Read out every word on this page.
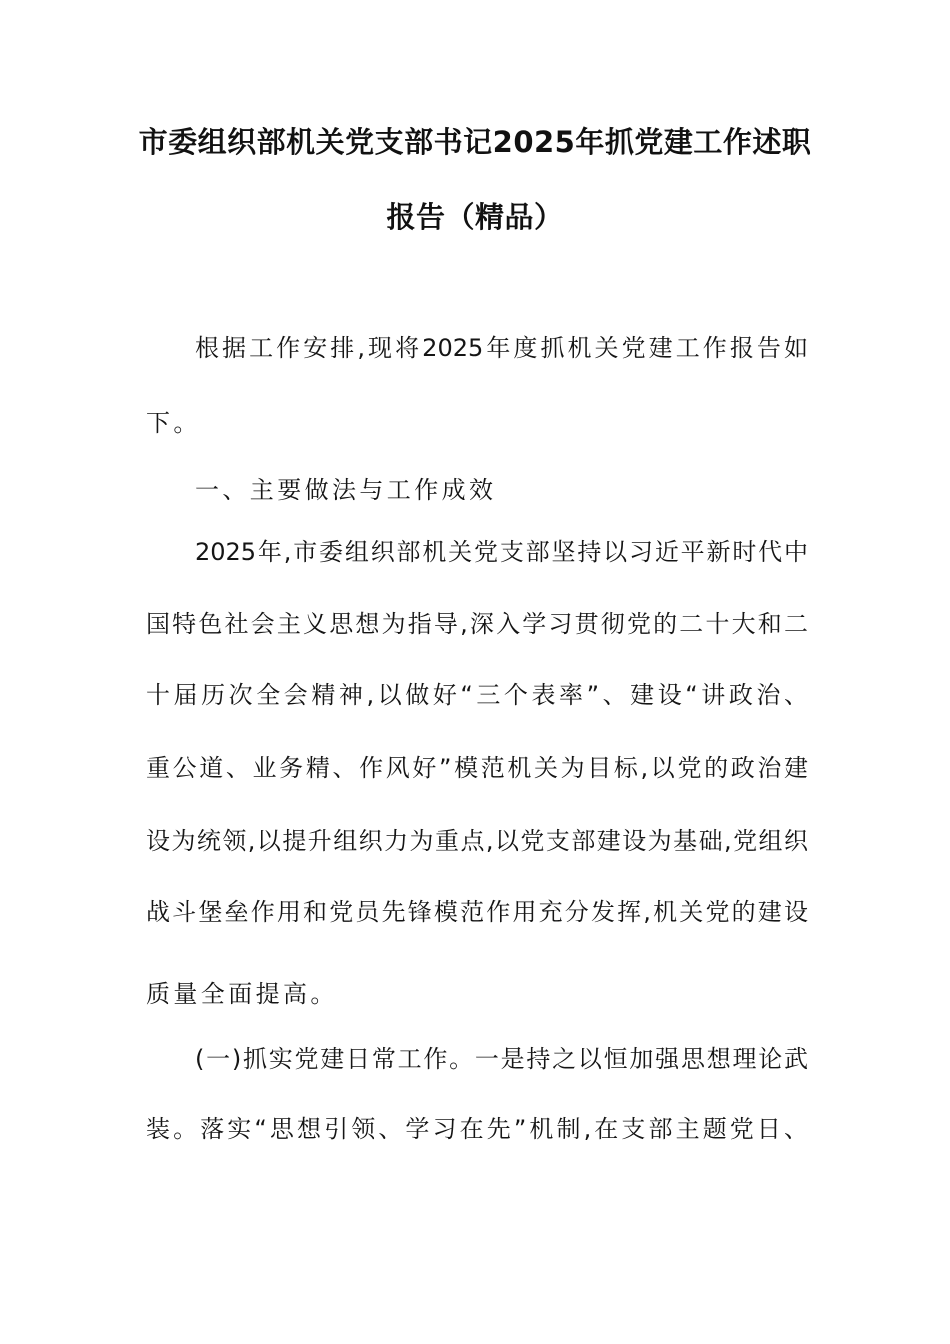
市委组织部机关党支部书记2025年抓党建工作述职
报告（精品）
根据工作安排,现将2025年度抓机关党建工作报告如
下。
一、主要做法与工作成效
2025年,市委组织部机关党支部坚持以习近平新时代中
国特色社会主义思想为指导,深入学习贯彻党的二十大和二
十届历次全会精神,以做好“三个表率”、建设“讲政治、
重公道、业务精、作风好”模范机关为目标,以党的政治建
设为统领,以提升组织力为重点,以党支部建设为基础,党组织
战斗堡垒作用和党员先锋模范作用充分发挥,机关党的建设
质量全面提高。
(一)抓实党建日常工作。一是持之以恒加强思想理论武
装。落实“思想引领、学习在先”机制,在支部主题党日、
